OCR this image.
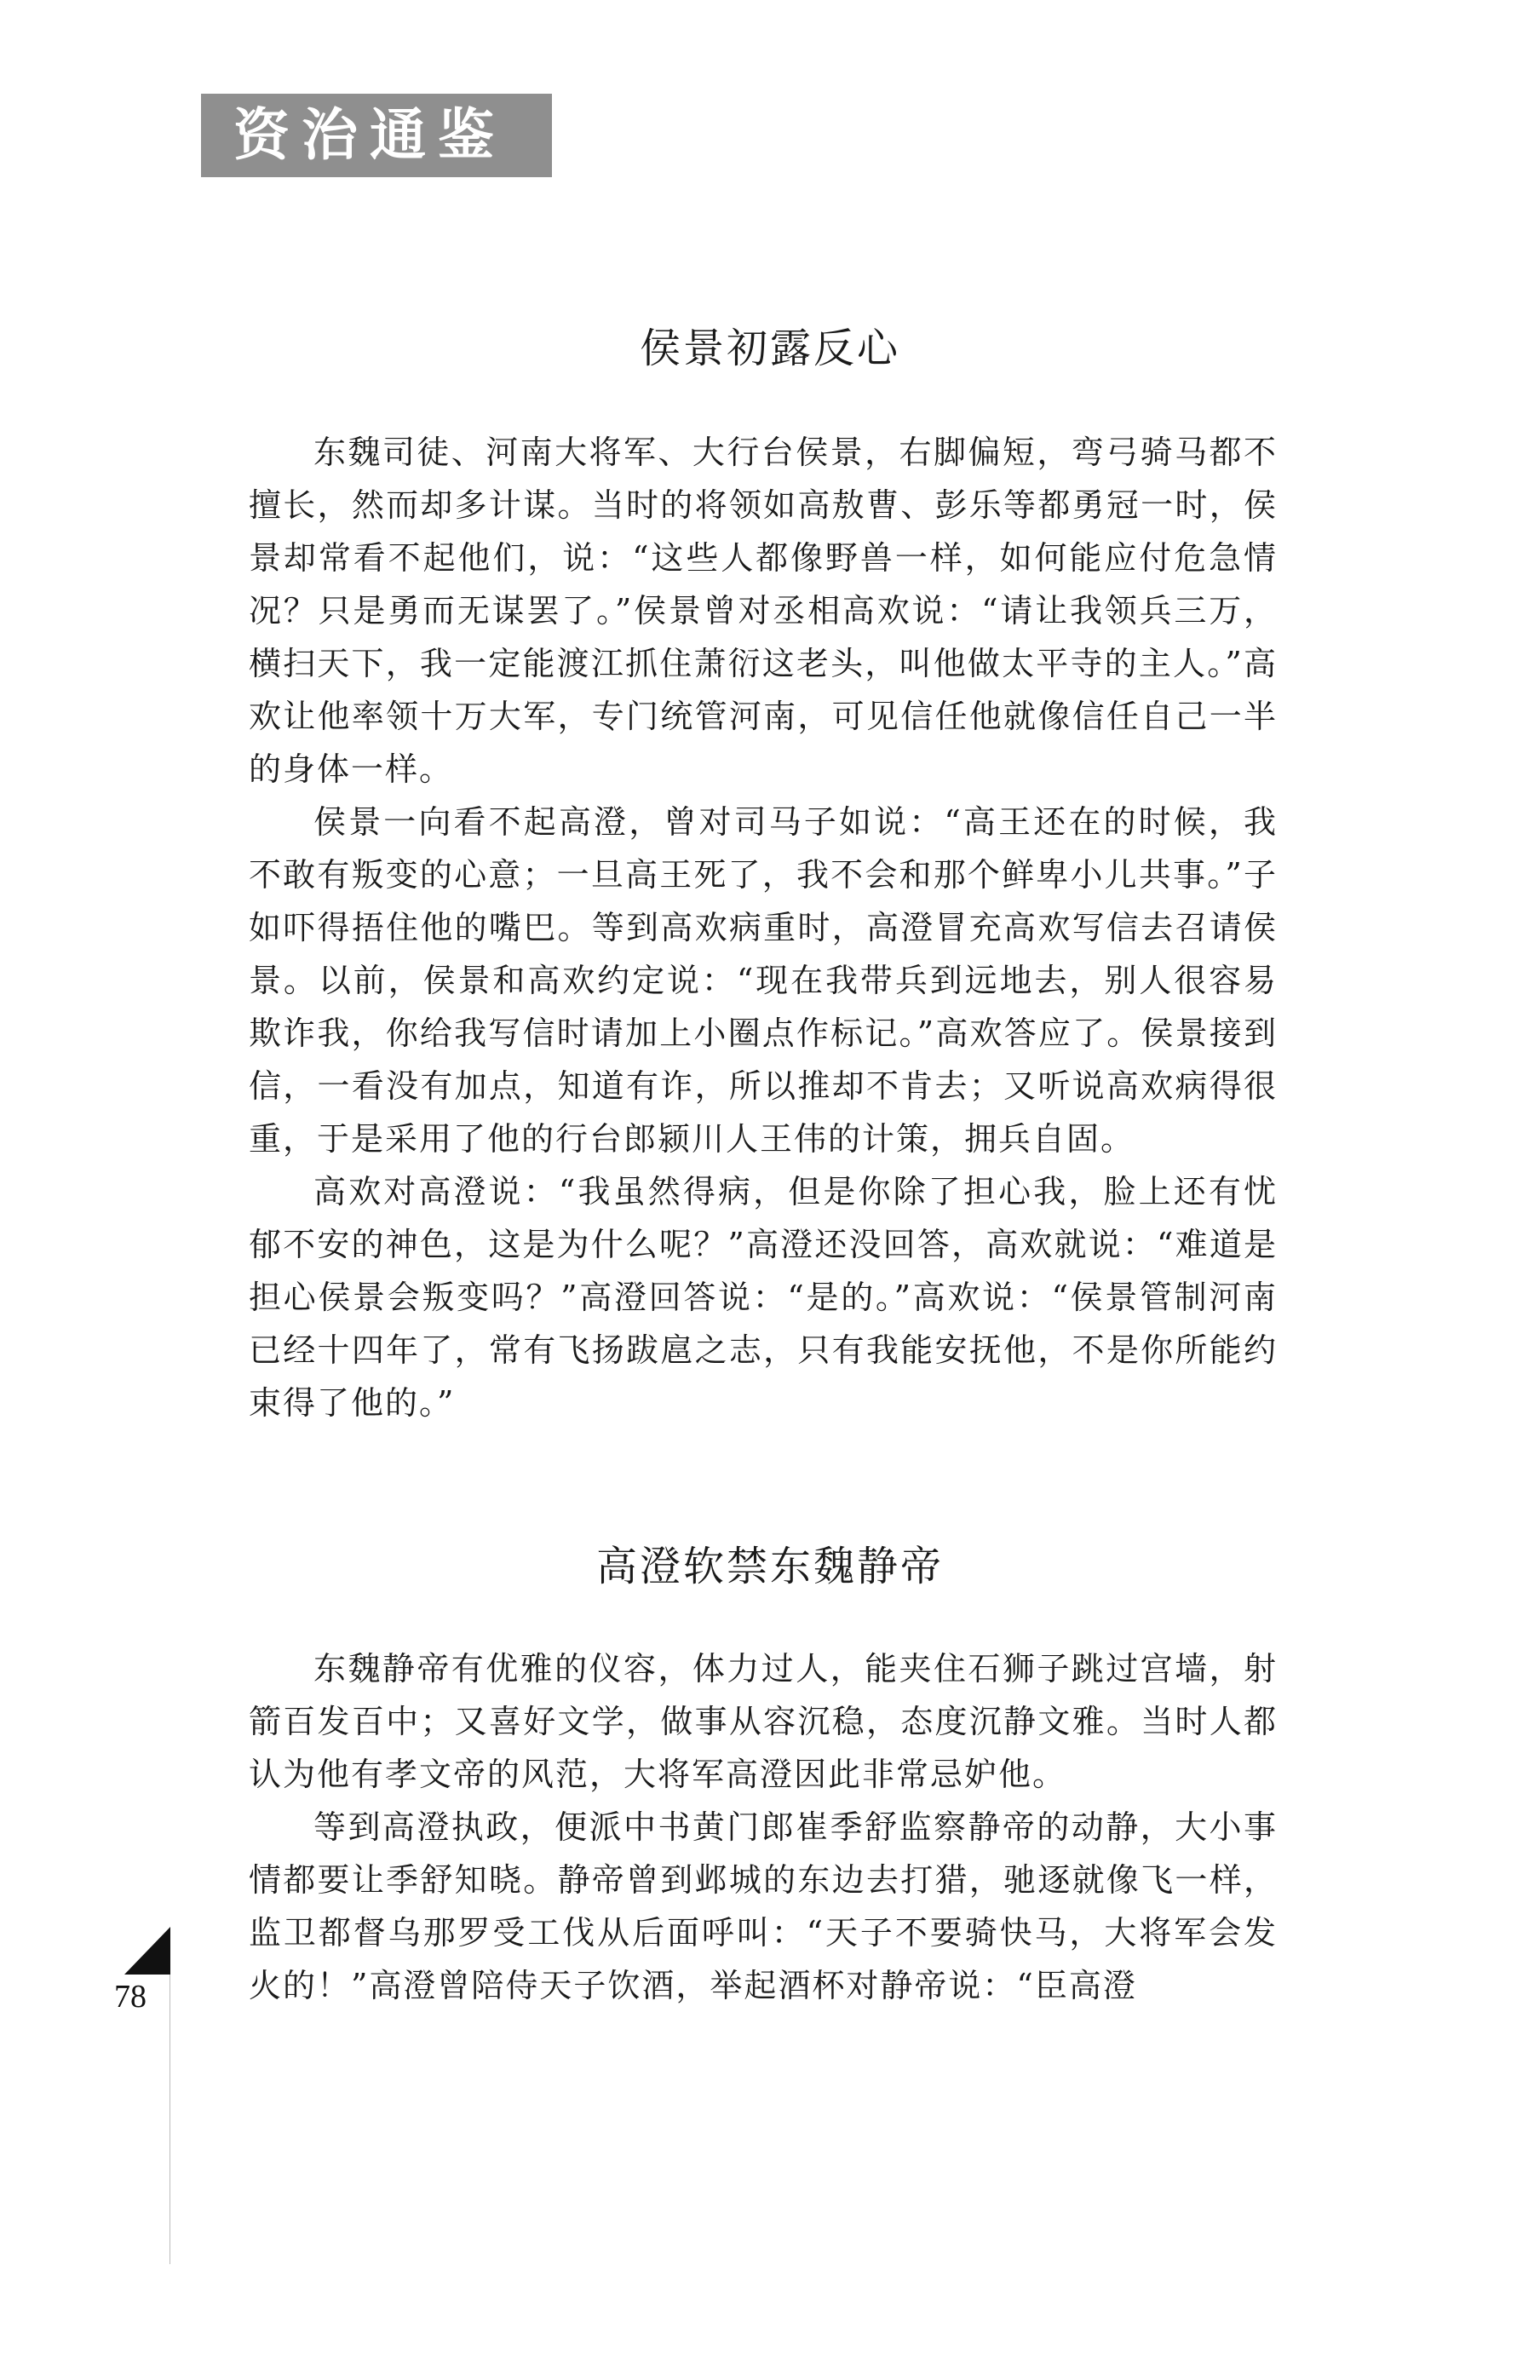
资治通鉴
侯景初露反心

东魏司徒、河南大将军、大行台侯景，右脚偏短，弯弓骑马都不擅长，然而却多计谋。当时的将领如高敖曹、彭乐等都勇冠一时，侯景却常看不起他们，说：“这些人都像野兽一样，如何能应付危急情况？只是勇而无谋罢了。”侯景曾对丞相高欢说：“请让我领兵三万，横扫天下，我一定能渡江抓住萧衍这老头，叫他做太平寺的主人。”高欢让他率领十万大军，专门统管河南，可见信任他就像信任自己一半的身体一样。

侯景一向看不起高澄，曾对司马子如说：“高王还在的时候，我不敢有叛变的心意；一旦高王死了，我不会和那个鲜卑小儿共事。”子如吓得捂住他的嘴巴。等到高欢病重时，高澄冒充高欢写信去召请侯景。以前，侯景和高欢约定说：“现在我带兵到远地去，别人很容易欺诈我，你给我写信时请加上小圈点作标记。”高欢答应了。侯景接到信，一看没有加点，知道有诈，所以推却不肯去；又听说高欢病得很重，于是采用了他的行台郎颍川人王伟的计策，拥兵自固。

高欢对高澄说：“我虽然得病，但是你除了担心我，脸上还有忧郁不安的神色，这是为什么呢？”高澄还没回答，高欢就说：“难道是担心侯景会叛变吗？”高澄回答说：“是的。”高欢说：“侯景管制河南已经十四年了，常有飞扬跋扈之志，只有我能安抚他，不是你所能约束得了他的。”

高澄软禁东魏静帝

东魏静帝有优雅的仪容，体力过人，能夹住石狮子跳过宫墙，射箭百发百中；又喜好文学，做事从容沉稳，态度沉静文雅。当时人都认为他有孝文帝的风范，大将军高澄因此非常忌妒他。

等到高澄执政，便派中书黄门郎崔季舒监察静帝的动静，大小事情都要让季舒知晓。静帝曾到邺城的东边去打猎，驰逐就像飞一样，监卫都督乌那罗受工伐从后面呼叫：“天子不要骑快马，大将军会发火的！”高澄曾陪侍天子饮酒，举起酒杯对静帝说：“臣高澄

78
